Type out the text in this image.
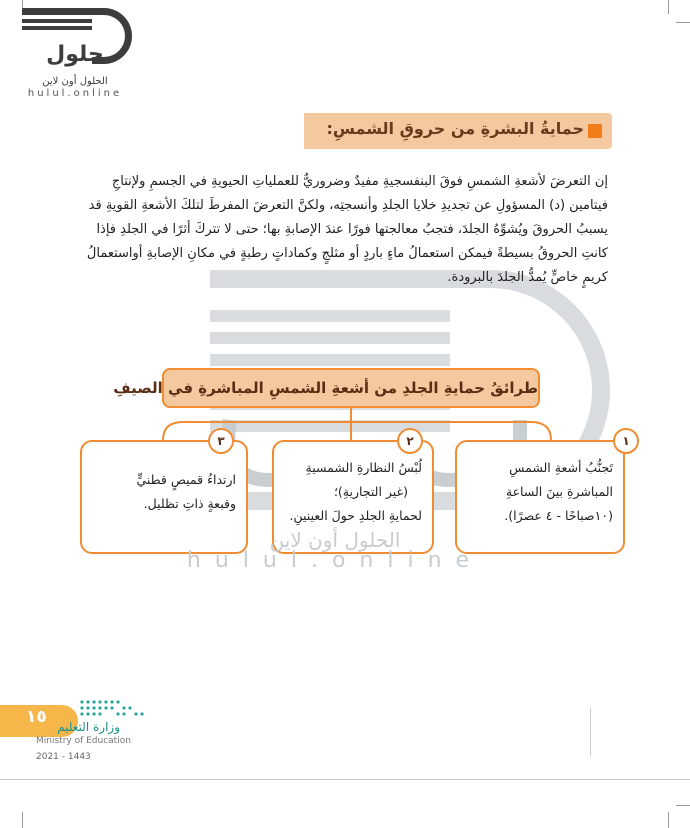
حلول
الحلول أون لاين
hulul.online
حمايةُ البشرةِ من حروقِ الشمسِ:
إن التعرضَ لأشعةِ الشمسِ فوقَ البنفسجيةِ مفيدٌ وضروريٌّ للعملياتِ الحيويةِ في الجسمِ ولإنتاجِ
فيتامين (د) المسؤولِ عن تجديدِ خلايا الجلدِ وأنسجتِه، ولكنَّ التعرضَ المفرطَ لتلكَ الأشعةِ القويةِ قد
يسببُ الحروقَ ويُشوِّهُ الجلدَ، فتجبُ معالجتها فورًا عندَ الإصابةِ بها؛ حتى لا تتركَ أثرًا في الجلدِ فإذا
كانتِ الحروقُ بسيطةً فيمكن استعمالُ ماءٍ باردٍ أو مثلجٍ وكماداتٍ رطبةٍ في مكانِ الإصابةِ أواستعمالُ
كريمٍ خاصٍّ يُمدُّ الجلدَ بالبرودة.
طرائقُ حمايةِ الجلدِ من أشعةِ الشمسِ المباشرةِ في الصيفِ
تَجنُّبُ أشعةِ الشمسِ
المباشرةِ بينَ الساعةِ
(١٠صباحًا - ٤ عصرًا).
لُبْسُ النظارةِ الشمسيةِ
(غير التجاريةِ)؛
لحمايةِ الجلدِ حولَ العينينِ.
ارتداءُ قميصٍ قطنيٍّ
وقبعةٍ ذاتِ تظليل.
١
٢
٣
الحلول أون لاين
hulul.online
١٥ وزارة التعليم
Ministry of Education
2021 - 1443
